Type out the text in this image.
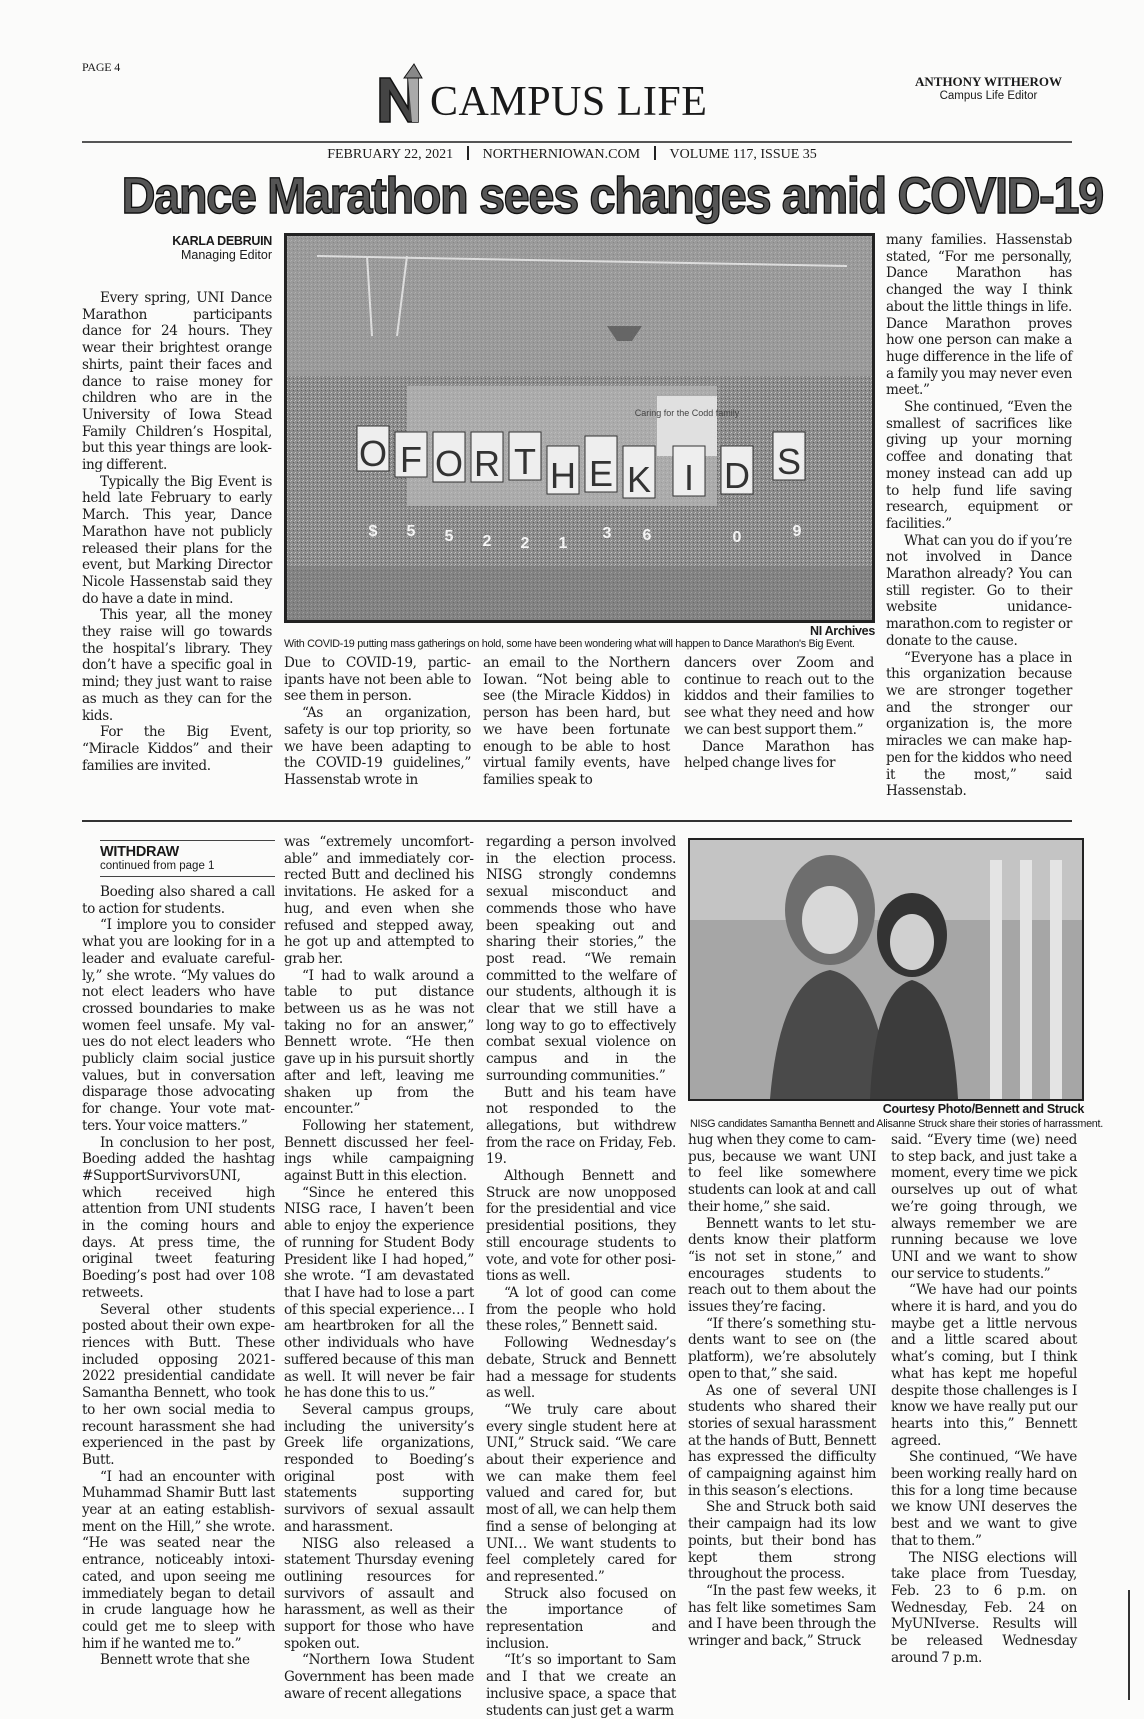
PAGE 4
CAMPUS LIFE	ANTHONY WITHEROW
Campus Life Editor
FEBRUARY 22, 2021 NORTHERNIOWAN.COM VOLUME 117, ISSUE 35
Dance Marathon sees changes amid COVID-19
KARLA DEBRUIN
Managing Editor

Every spring, UNI Dance Marathon participants dance for 24 hours. They wear their brightest orange shirts, paint their faces and dance to raise money for children who are in the University of Iowa Stead Family Children’s Hospital, but this year things are looking different.

Typically the Big Event is held late February to early March. This year, Dance Marathon have not publicly released their plans for the event, but Marking Director Nicole Hassenstab said they do have a date in mind.

This year, all the money they raise will go towards the hospital’s library. They don’t have a specific goal in mind; they just want to raise as much as they can for the kids.

For the Big Event, “Miracle Kiddos” and their families are invited.

O F O R T H E K I D S
$ 5 5 2 2 1
3 6	0	9
Caring for the Codd family
NI Archives
With COVID-19 putting mass gatherings on hold, some have been wondering what will happen to Dance Marathon's Big Event.

Due to COVID-19, participants have not been able to see them in person.

“As an organization, safety is our top priority, so we have been adapting to the COVID-19 guidelines,” Hassenstab wrote in

an email to the Northern Iowan. “Not being able to see (the Miracle Kiddos) in person has been hard, but we have been fortunate enough to be able to host virtual family events, have families speak to

dancers over Zoom and continue to reach out to the kiddos and their families to see what they need and how we can best support them.”

Dance Marathon has helped change lives for

many families. Hassenstab stated, “For me personally, Dance Marathon has changed the way I think about the little things in life. Dance Marathon proves how one person can make a huge difference in the life of a family you may never even meet.”

She continued, “Even the smallest of sacrifices like giving up your morning coffee and donating that money instead can add up to help fund life saving research, equipment or facilities.”

What can you do if you’re not involved in Dance Marathon already? You can still register. Go to their website unidancemarathon.com to register or donate to the cause.

“Everyone has a place in this organization because we are stronger together and the stronger our organization is, the more miracles we can make happen for the kiddos who need it the most,” said Hassenstab.

WITHDRAW
continued from page 1

Boeding also shared a call to action for students.

“I implore you to consider what you are looking for in a leader and evaluate carefully,” she wrote. “My values do not elect leaders who have crossed boundaries to make women feel unsafe. My values do not elect leaders who publicly claim social justice values, but in conversation disparage those advocating for change. Your vote matters. Your voice matters.”

In conclusion to her post, Boeding added the hashtag #SupportSurvivorsUNI, which received high attention from UNI students in the coming hours and days. At press time, the original tweet featuring Boeding’s post had over 108 retweets.

Several other students posted about their own experiences with Butt. These included opposing 2021-2022 presidential candidate Samantha Bennett, who took to her own social media to recount harassment she had experienced in the past by Butt.

“I had an encounter with Muhammad Shamir Butt last year at an eating establishment on the Hill,” she wrote. “He was seated near the entrance, noticeably intoxicated, and upon seeing me immediately began to detail in crude language how he could get me to sleep with him if he wanted me to.”

Bennett wrote that she

was “extremely uncomfortable” and immediately corrected Butt and declined his invitations. He asked for a hug, and even when she refused and stepped away, he got up and attempted to grab her.

“I had to walk around a table to put distance between us as he was not taking no for an answer,” Bennett wrote. “He then gave up in his pursuit shortly after and left, leaving me shaken up from the encounter.”

Following her statement, Bennett discussed her feelings while campaigning against Butt in this election.

“Since he entered this NISG race, I haven’t been able to enjoy the experience of running for Student Body President like I had hoped,” she wrote. “I am devastated that I have had to lose a part of this special experience… I am heartbroken for all the other individuals who have suffered because of this man as well. It will never be fair he has done this to us.”

Several campus groups, including the university’s Greek life organizations, responded to Boeding’s original post with statements supporting survivors of sexual assault and harassment.

NISG also released a statement Thursday evening outlining resources for survivors of assault and harassment, as well as their support for those who have spoken out.

“Northern Iowa Student Government has been made aware of recent allegations

regarding a person involved in the election process. NISG strongly condemns sexual misconduct and commends those who have been speaking out and sharing their stories,” the post read. “We remain committed to the welfare of our students, although it is clear that we still have a long way to go to effectively combat sexual violence on campus and in the surrounding communities.”

Butt and his team have not responded to the allegations, but withdrew from the race on Friday, Feb. 19.

Although Bennett and Struck are now unopposed for the presidential and vice presidential positions, they still encourage students to vote, and vote for other positions as well.

“A lot of good can come from the people who hold these roles,” Bennett said.

Following Wednesday’s debate, Struck and Bennett had a message for students as well.

“We truly care about every single student here at UNI,” Struck said. “We care about their experience and we can make them feel valued and cared for, but most of all, we can help them find a sense of belonging at UNI… We want students to feel completely cared for and represented.”

Struck also focused on the importance of representation and inclusion.

“It’s so important to Sam and I that we create an inclusive space, a space that students can just get a warm

Courtesy Photo/Bennett and Struck
NISG candidates Samantha Bennett and Alisanne Struck share their stories of harrassment.

hug when they come to campus, because we want UNI to feel like somewhere students can look at and call their home,” she said.

Bennett wants to let students know their platform “is not set in stone,” and encourages students to reach out to them about the issues they’re facing.

“If there’s something students want to see on (the platform), we’re absolutely open to that,” she said.

As one of several UNI students who shared their stories of sexual harassment at the hands of Butt, Bennett has expressed the difficulty of campaigning against him in this season’s elections.

She and Struck both said their campaign had its low points, but their bond has kept them strong throughout the process.

“In the past few weeks, it has felt like sometimes Sam and I have been through the wringer and back,” Struck

said. “Every time (we) need to step back, and just take a moment, every time we pick ourselves up out of what we’re going through, we always remember we are running because we love UNI and we want to show our service to students.”

“We have had our points where it is hard, and you do maybe get a little nervous and a little scared about what’s coming, but I think what has kept me hopeful despite those challenges is I know we have really put our hearts into this,” Bennett agreed.

She continued, “We have been working really hard on this for a long time because we know UNI deserves the best and we want to give that to them.”

The NISG elections will take place from Tuesday, Feb. 23 to 6 p.m. on Wednesday, Feb. 24 on MyUNIverse. Results will be released Wednesday around 7 p.m.
